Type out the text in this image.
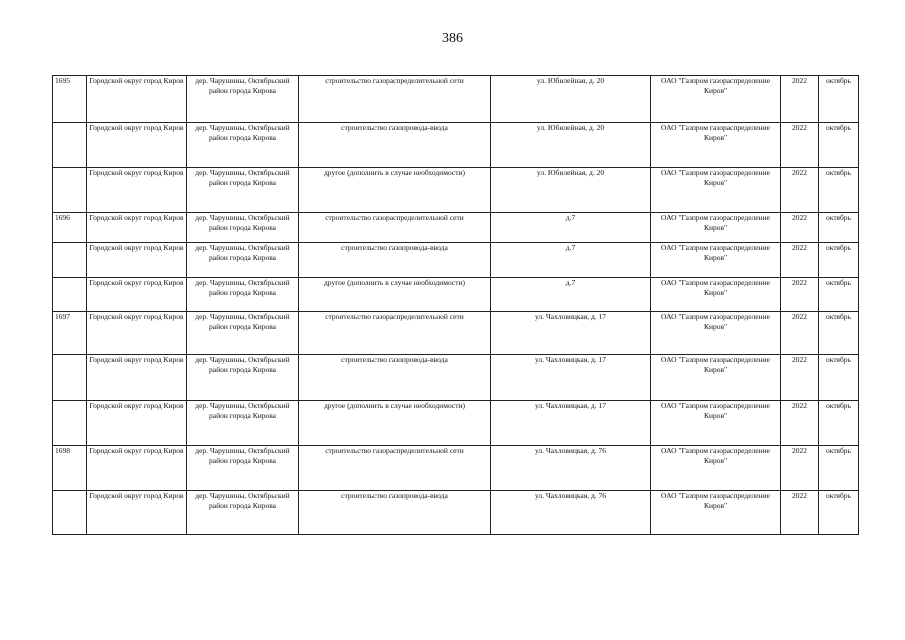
386
1695	Городской округ город Киров	дер. Чарушины, Октябрьский район города Кирова	строительство газораспределительной сети	ул. Юбилейная, д. 20	ОАО "Газпром газораспределение Киров"	2022	октябрь
	Городской округ город Киров	дер. Чарушины, Октябрьский район города Кирова	строительство газопровода-ввода	ул. Юбилейная, д. 20	ОАО "Газпром газораспределение Киров"	2022	октябрь
	Городской округ город Киров	дер. Чарушины, Октябрьский район города Кирова	другое (дополнить в случае необходимости)	ул. Юбилейная, д. 20	ОАО "Газпром газораспределение Киров"	2022	октябрь
1696	Городской округ город Киров	дер. Чарушины, Октябрьский район города Кирова	строительство газораспределительной сети	д.7	ОАО "Газпром газораспределение Киров"	2022	октябрь
	Городской округ город Киров	дер. Чарушины, Октябрьский район города Кирова	строительство газопровода-ввода	д.7	ОАО "Газпром газораспределение Киров"	2022	октябрь
	Городской округ город Киров	дер. Чарушины, Октябрьский район города Кирова	другое (дополнить в случае необходимости)	д.7	ОАО "Газпром газораспределение Киров"	2022	октябрь
1697	Городской округ город Киров	дер. Чарушины, Октябрьский район города Кирова	строительство газораспределительной сети	ул. Чахловицкая, д. 17	ОАО "Газпром газораспределение Киров"	2022	октябрь
	Городской округ город Киров	дер. Чарушины, Октябрьский район города Кирова	строительство газопровода-ввода	ул. Чахловицкая, д. 17	ОАО "Газпром газораспределение Киров"	2022	октябрь
	Городской округ город Киров	дер. Чарушины, Октябрьский район города Кирова	другое (дополнить в случае необходимости)	ул. Чахловицкая, д. 17	ОАО "Газпром газораспределение Киров"	2022	октябрь
1698	Городской округ город Киров	дер. Чарушины, Октябрьский район города Кирова	строительство газораспределительной сети	ул. Чахловицкая, д. 76	ОАО "Газпром газораспределение Киров"	2022	октябрь
	Городской округ город Киров	дер. Чарушины, Октябрьский район города Кирова	строительство газопровода-ввода	ул. Чахловицкая, д. 76	ОАО "Газпром газораспределение Киров"	2022	октябрь
